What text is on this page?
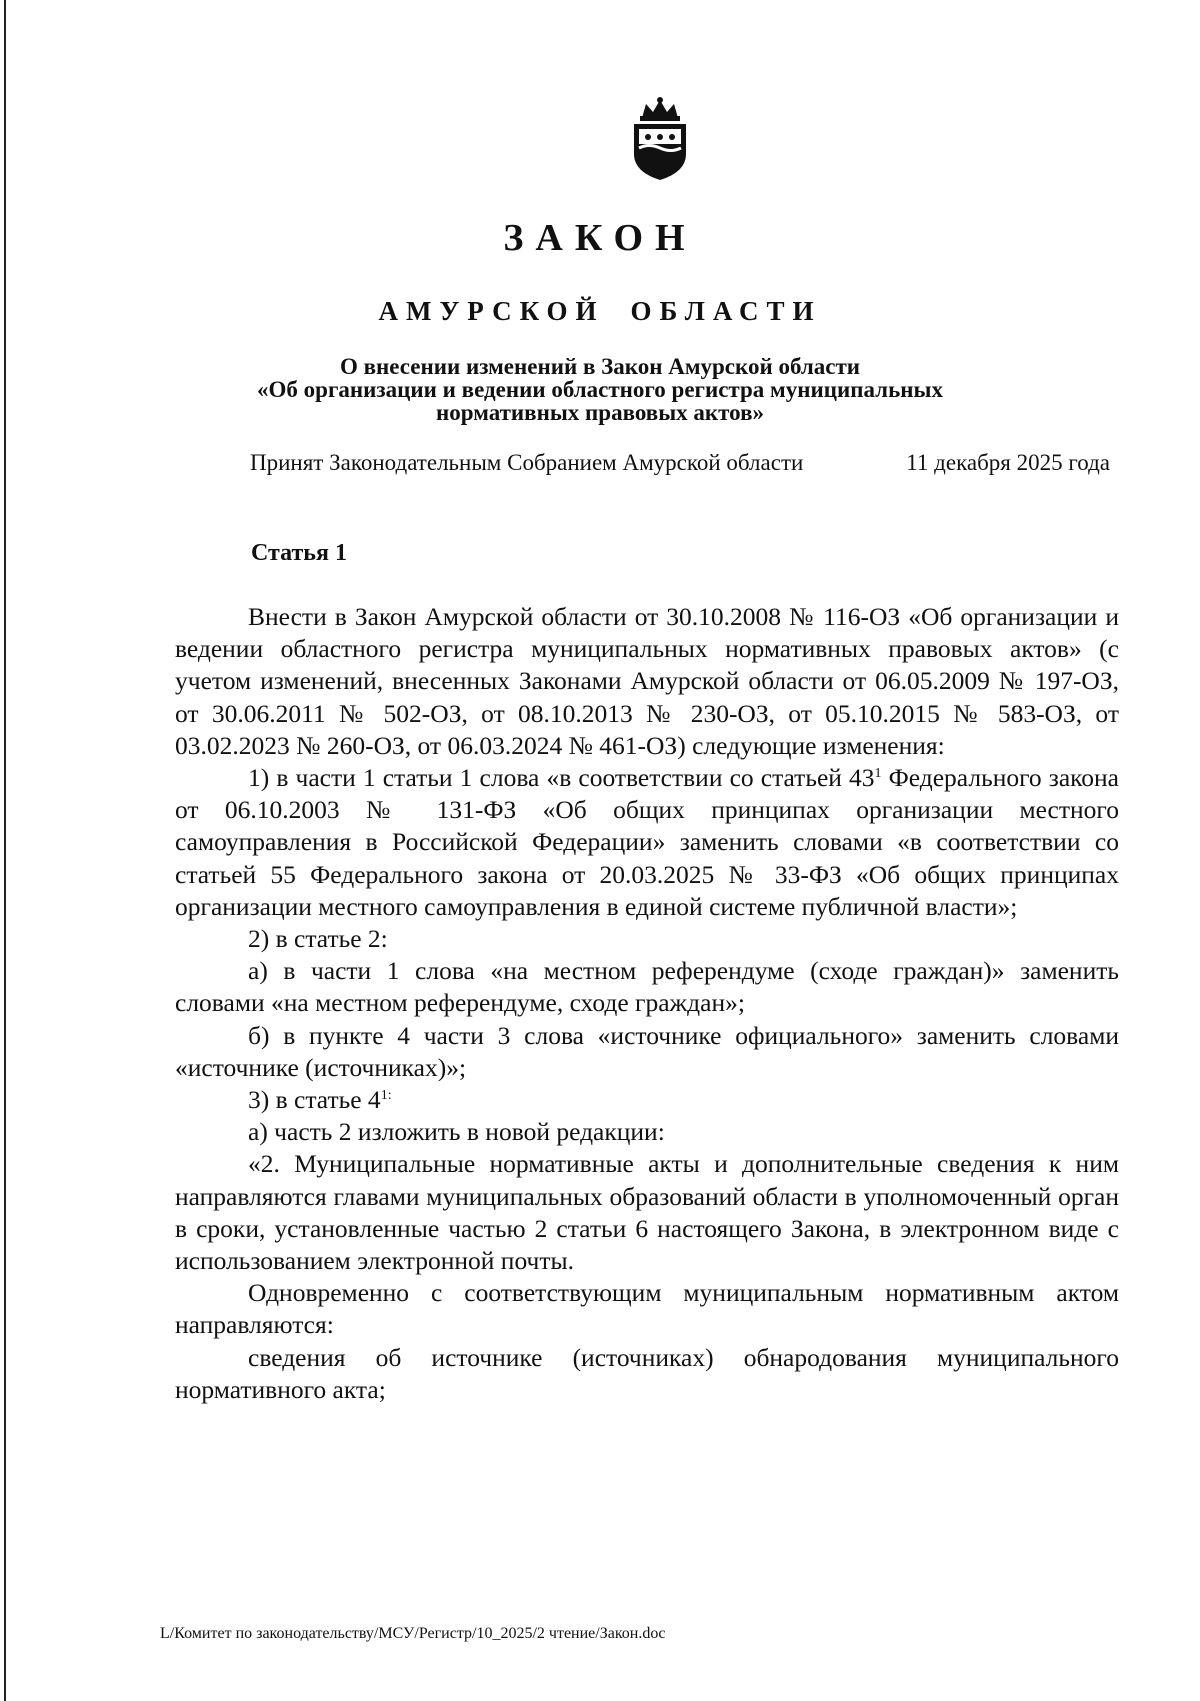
ЗАКОН
АМУРСКОЙ ОБЛАСТИ
О внесении изменений в Закон Амурской области
«Об организации и ведении областного регистра муниципальных
нормативных правовых актов»
Принят Законодательным Собранием Амурской области	11 декабря 2025 года
Статья 1

Внести в Закон Амурской области от 30.10.2008 № 116-ОЗ «Об организации и ведении областного регистра муниципальных нормативных правовых актов» (с учетом изменений, внесенных Законами Амурской области от 06.05.2009 № 197-ОЗ, от 30.06.2011 № 502-ОЗ, от 08.10.2013 № 230-ОЗ, от 05.10.2015 № 583-ОЗ, от 03.02.2023 № 260-ОЗ, от 06.03.2024 № 461-ОЗ) следующие изменения:

1) в части 1 статьи 1 слова «в соответствии со статьей $43^1$ Федерального закона от 06.10.2003 № 131-ФЗ «Об общих принципах организации местного самоуправления в Российской Федерации» заменить словами «в соответствии со статьей 55 Федерального закона от 20.03.2025 № 33-ФЗ «Об общих принципах организации местного самоуправления в единой системе публичной власти»;

2) в статье 2:

а) в части 1 слова «на местном референдуме (сходе граждан)» заменить словами «на местном референдуме, сходе граждан»;

б) в пункте 4 части 3 слова «источнике официального» заменить словами «источнике (источниках)»;

3) в статье $4^{1:}$

а) часть 2 изложить в новой редакции:

«2. Муниципальные нормативные акты и дополнительные сведения к ним направляются главами муниципальных образований области в уполномоченный орган в сроки, установленные частью 2 статьи 6 настоящего Закона, в электронном виде с использованием электронной почты.

Одновременно с соответствующим муниципальным нормативным актом направляются:

сведения об источнике (источниках) обнародования муниципального нормативного акта;

L/Комитет по законодательству/МСУ/Регистр/10_2025/2 чтение/Закон.doc
